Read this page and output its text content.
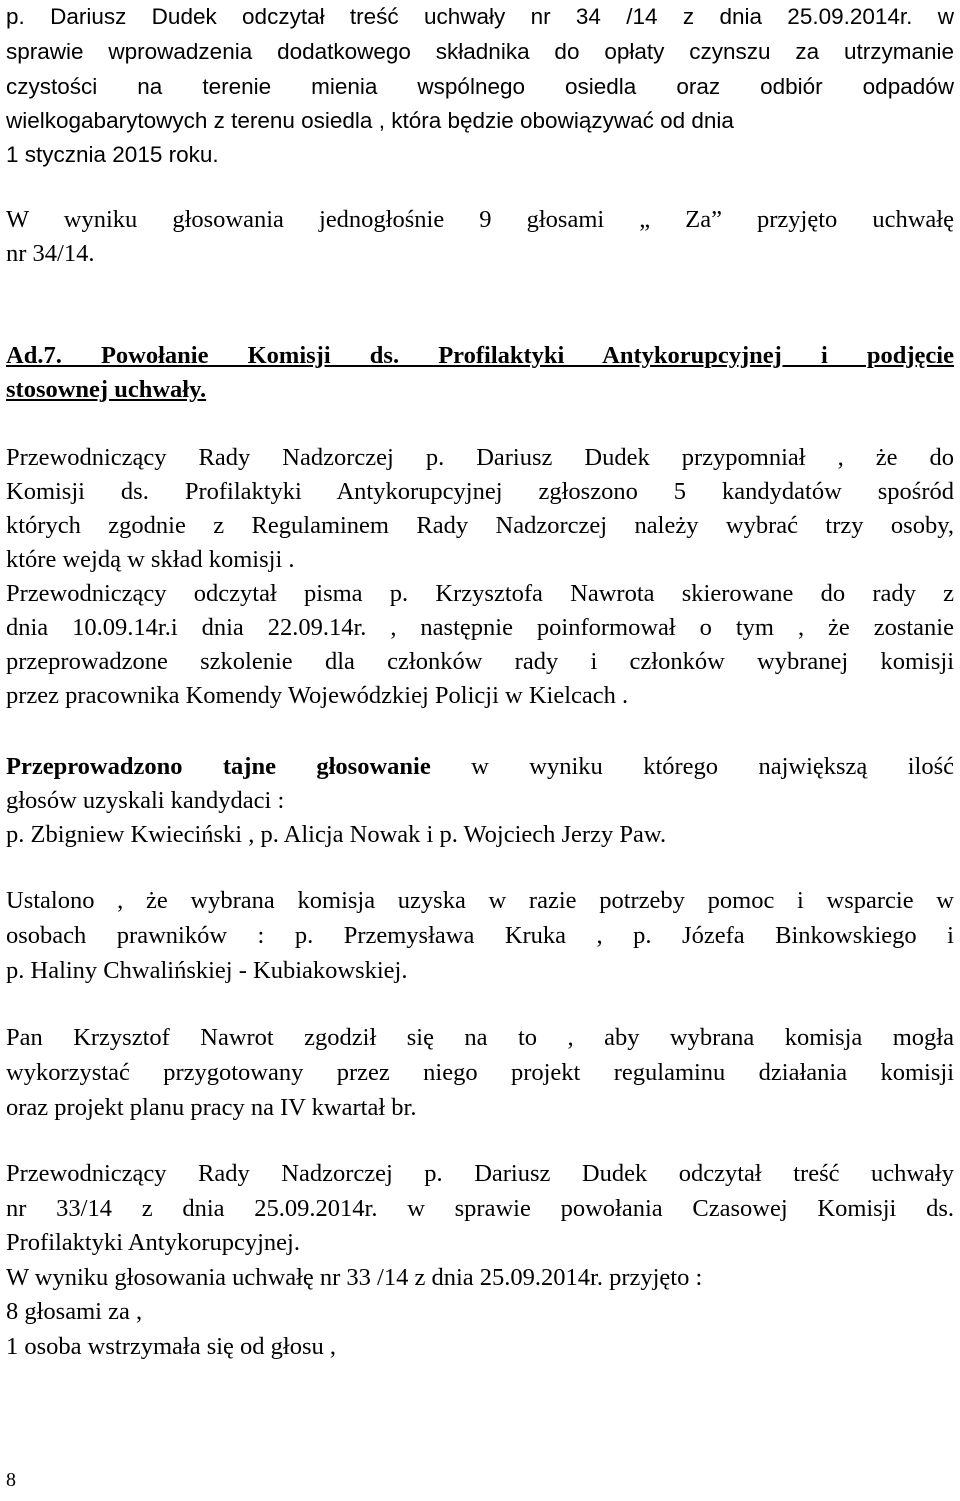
p. Dariusz Dudek odczytał treść uchwały nr 34 /14 z dnia 25.09.2014r. w
sprawie wprowadzenia dodatkowego składnika do opłaty czynszu za utrzymanie
czystości na terenie mienia wspólnego osiedla oraz odbiór odpadów
wielkogabarytowych z terenu osiedla , która będzie obowiązywać od dnia
1 stycznia 2015 roku.
W wyniku głosowania jednogłośnie 9 głosami „ Za” przyjęto uchwałę
nr 34/14.
Ad.7. Powołanie Komisji ds. Profilaktyki Antykorupcyjnej i podjęcie
stosownej uchwały.
Przewodniczący Rady Nadzorczej p. Dariusz Dudek przypomniał , że do
Komisji ds. Profilaktyki Antykorupcyjnej zgłoszono 5 kandydatów spośród
których zgodnie z Regulaminem Rady Nadzorczej należy wybrać trzy osoby,
które wejdą w skład komisji .
Przewodniczący odczytał pisma p. Krzysztofa Nawrota skierowane do rady z
dnia 10.09.14r.i dnia 22.09.14r. , następnie poinformował o tym , że zostanie
przeprowadzone szkolenie dla członków rady i członków wybranej komisji
przez pracownika Komendy Wojewódzkiej Policji w Kielcach .
Przeprowadzono tajne głosowanie w wyniku którego największą ilość
głosów uzyskali kandydaci :
p. Zbigniew Kwieciński , p. Alicja Nowak i p. Wojciech Jerzy Paw.
Ustalono , że wybrana komisja uzyska w razie potrzeby pomoc i wsparcie w
osobach prawników : p. Przemysława Kruka , p. Józefa Binkowskiego i
p. Haliny Chwalińskiej - Kubiakowskiej.
Pan Krzysztof Nawrot zgodził się na to , aby wybrana komisja mogła
wykorzystać przygotowany przez niego projekt regulaminu działania komisji
oraz projekt planu pracy na IV kwartał br.
Przewodniczący Rady Nadzorczej p. Dariusz Dudek odczytał treść uchwały
nr 33/14 z dnia 25.09.2014r. w sprawie powołania Czasowej Komisji ds.
Profilaktyki Antykorupcyjnej.
W wyniku głosowania uchwałę nr 33 /14 z dnia 25.09.2014r. przyjęto :
8 głosami za ,
1 osoba wstrzymała się od głosu ,
8
